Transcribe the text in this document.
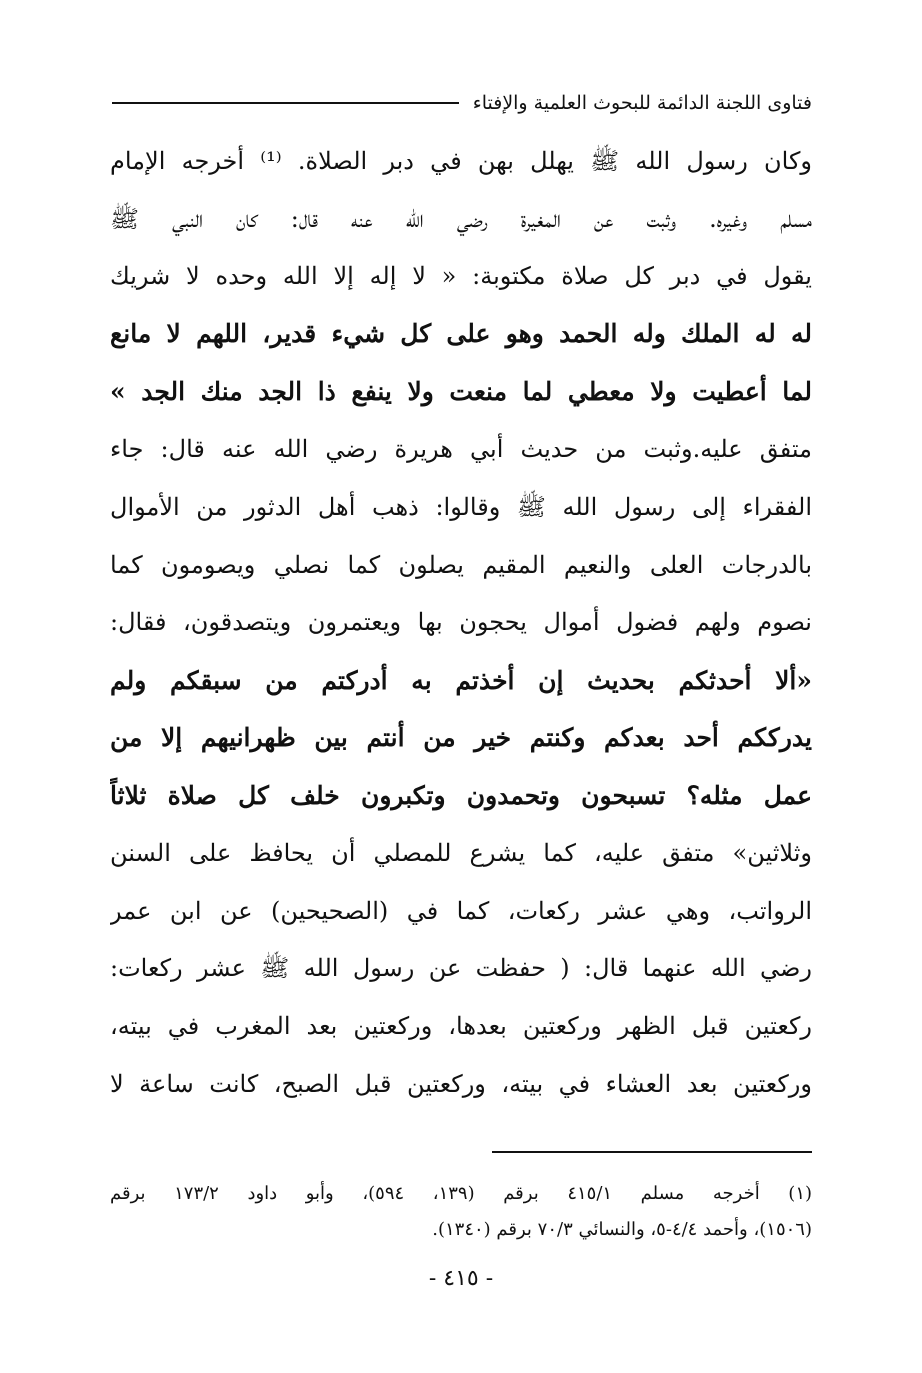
فتاوى اللجنة الدائمة للبحوث العلمية والإفتاء
وكان رسول الله ﷺ يهلل بهن في دبر الصلاة. ⁽¹⁾ أخرجه الإمام
مسلم وغيره. وثبت عن المغيرة رضي الله عنه قال: كان النبي ﷺ
يقول في دبر كل صلاة مكتوبة: « لا إله إلا الله وحده لا شريك
له له الملك وله الحمد وهو على كل شيء قدير، اللهم لا مانع
لما أعطيت ولا معطي لما منعت ولا ينفع ذا الجد منك الجد »
متفق عليه.وثبت من حديث أبي هريرة رضي الله عنه قال: جاء
الفقراء إلى رسول الله ﷺ وقالوا: ذهب أهل الدثور من الأموال
بالدرجات العلى والنعيم المقيم يصلون كما نصلي ويصومون كما
نصوم ولهم فضول أموال يحجون بها ويعتمرون ويتصدقون، فقال:
«ألا أحدثكم بحديث إن أخذتم به أدركتم من سبقكم ولم
يدرككم أحد بعدكم وكنتم خير من أنتم بين ظهرانيهم إلا من
عمل مثله؟ تسبحون وتحمدون وتكبرون خلف كل صلاة ثلاثاً
وثلاثين» متفق عليه، كما يشرع للمصلي أن يحافظ على السنن
الرواتب، وهي عشر ركعات، كما في (الصحيحين) عن ابن عمر
رضي الله عنهما قال: ( حفظت عن رسول الله ﷺ عشر ركعات:
ركعتين قبل الظهر وركعتين بعدها، وركعتين بعد المغرب في بيته،
وركعتين بعد العشاء في بيته، وركعتين قبل الصبح، كانت ساعة لا
(١) أخرجه مسلم ٤١٥/١ برقم (١٣٩، ٥٩٤)، وأبو داود ١٧٣/٢ برقم
(١٥٠٦)، وأحمد ٤/٤-٥، والنسائي ٧٠/٣ برقم (١٣٤٠).
- ٤١٥ -
